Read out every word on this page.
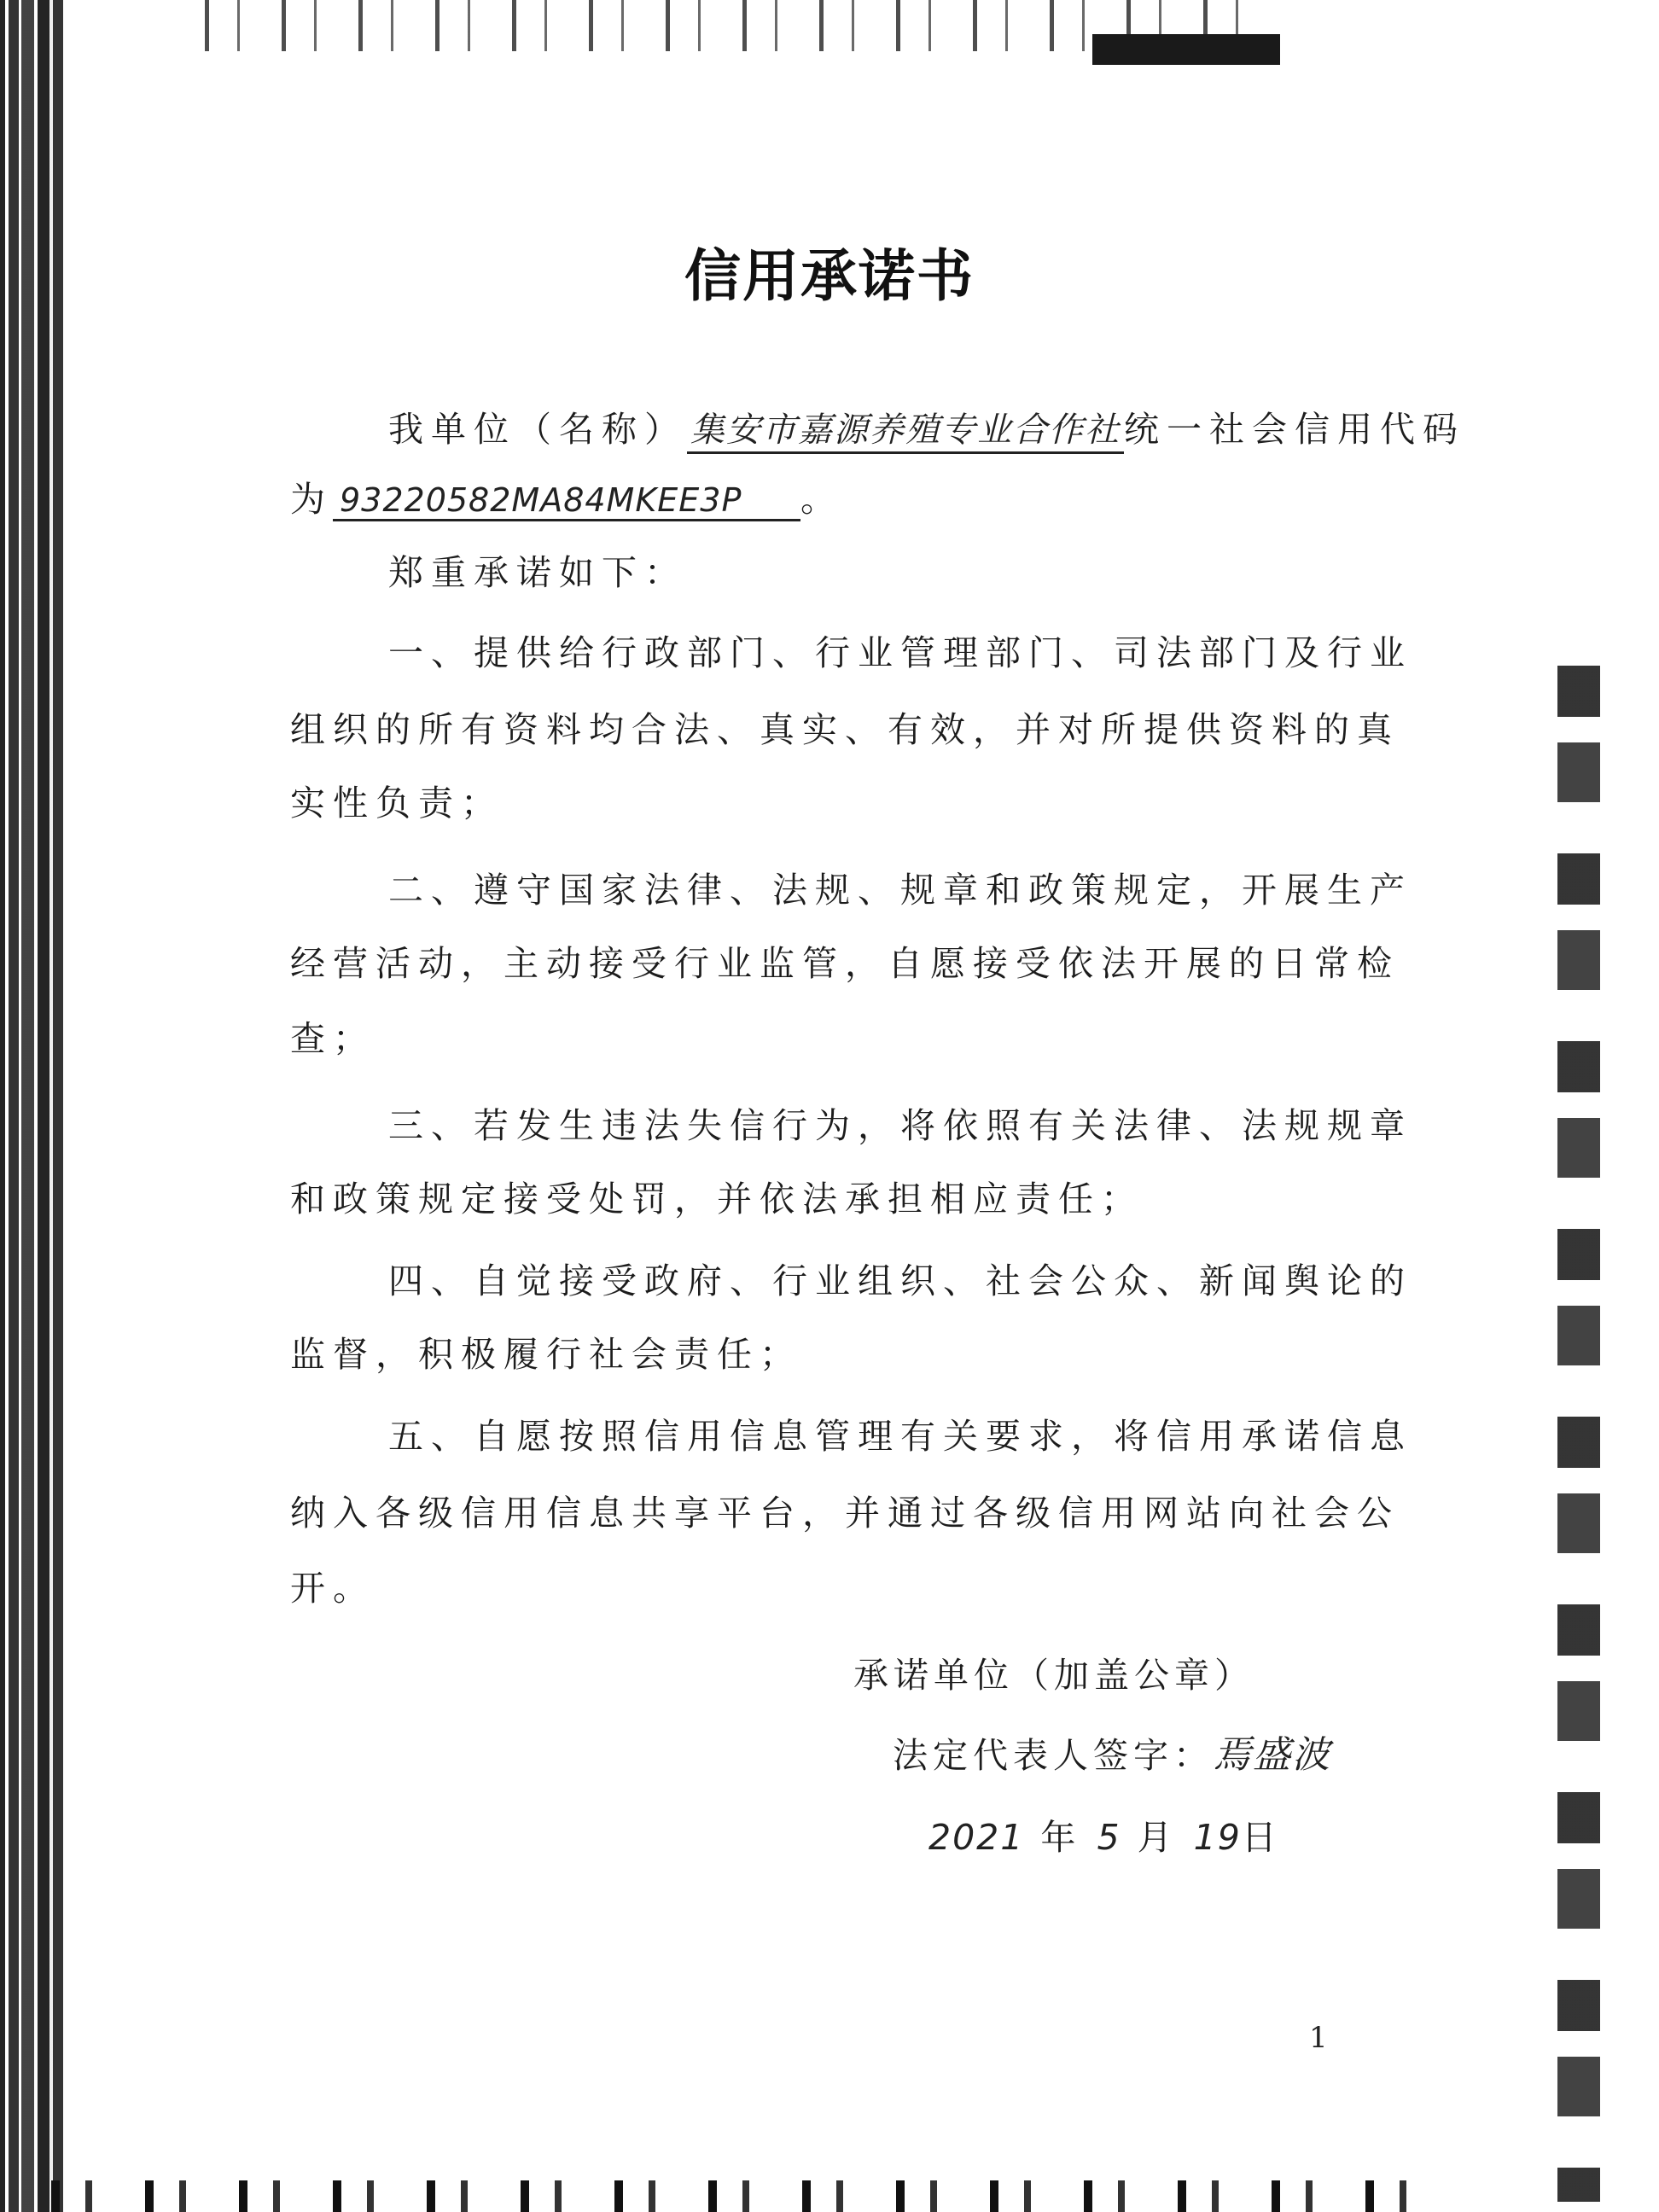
信用承诺书
我单位（名称） 集安市嘉源养殖专业合作社统一社会信用代码
为 93220582MA84MKEE3P 。
郑重承诺如下：
一、提供给行政部门、行业管理部门、司法部门及行业
组织的所有资料均合法、真实、有效，并对所提供资料的真
实性负责；
二、遵守国家法律、法规、规章和政策规定，开展生产
经营活动，主动接受行业监管，自愿接受依法开展的日常检
查；
三、若发生违法失信行为，将依照有关法律、法规规章
和政策规定接受处罚，并依法承担相应责任；
四、自觉接受政府、行业组织、社会公众、新闻舆论的
监督，积极履行社会责任；
五、自愿按照信用信息管理有关要求，将信用承诺信息
纳入各级信用信息共享平台，并通过各级信用网站向社会公
开。
承诺单位（加盖公章）
法定代表人签字：焉盛波
2021 年 5 月 19日
1
